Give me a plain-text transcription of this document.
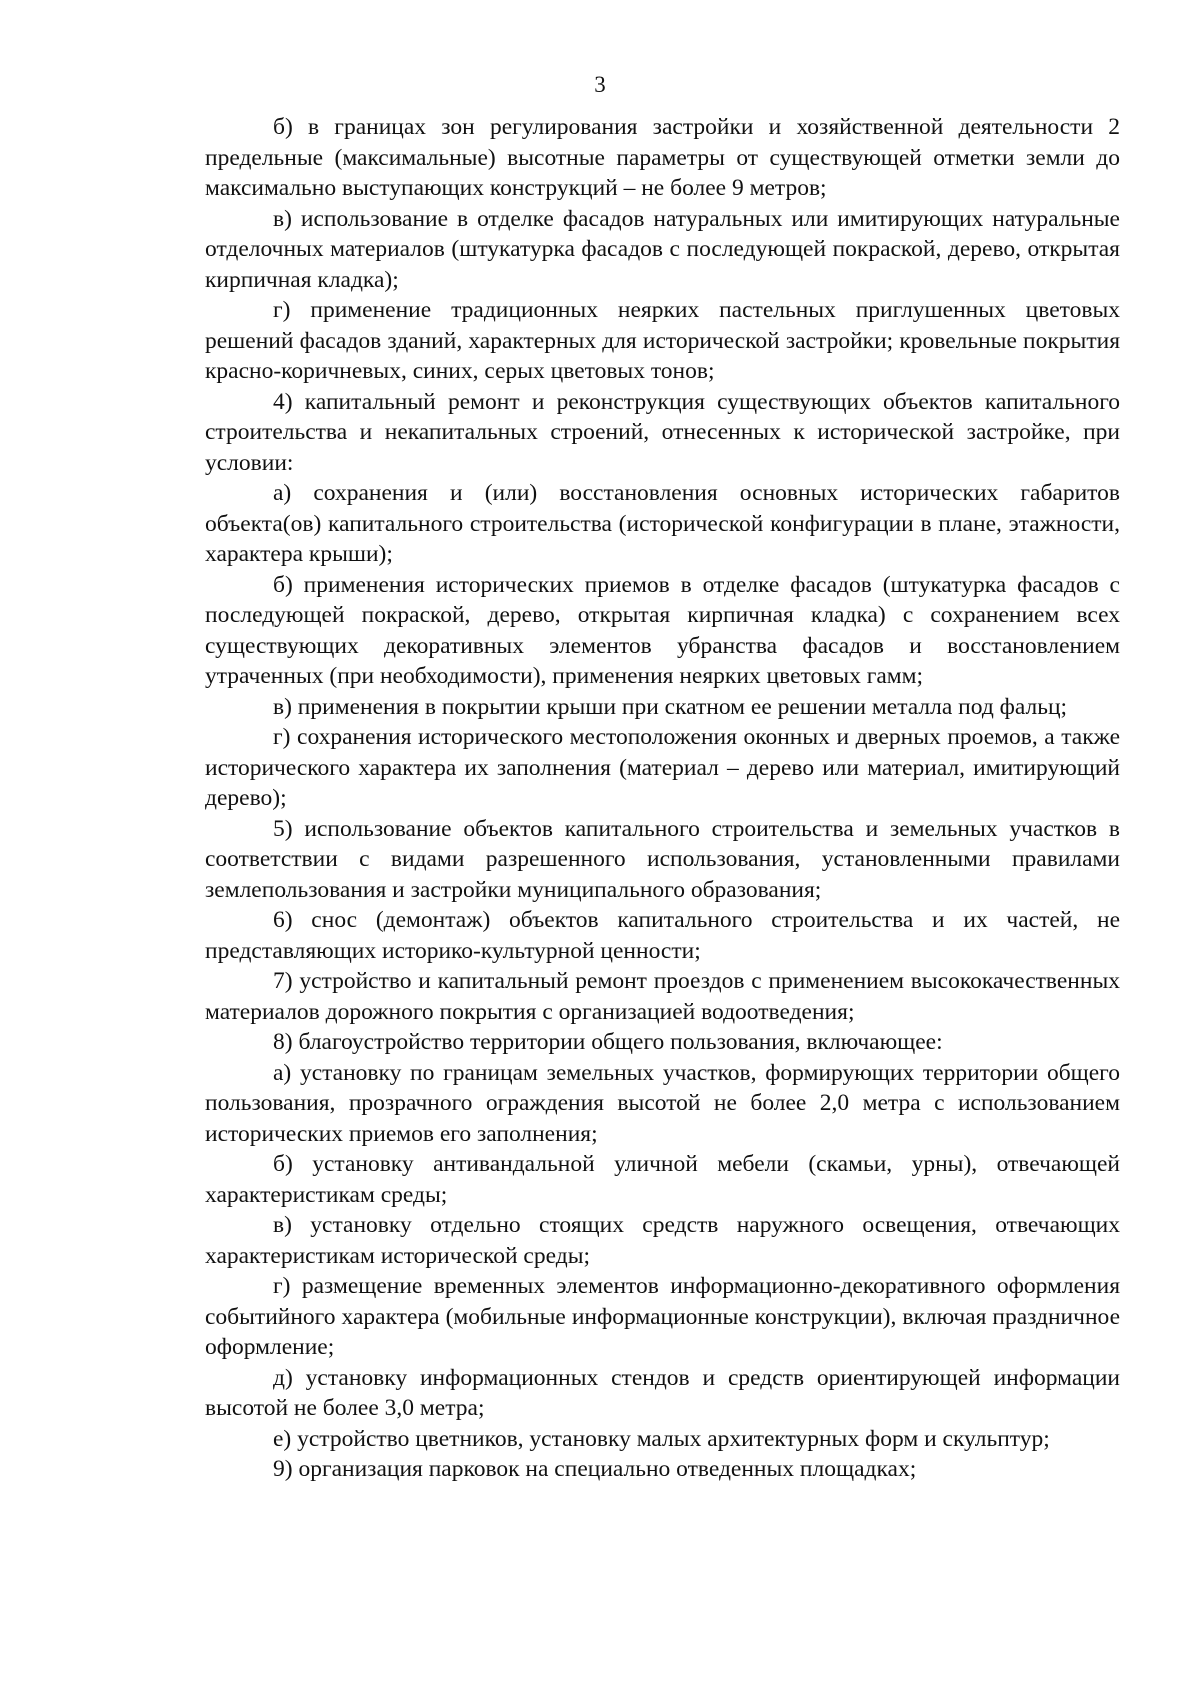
3

б) в границах зон регулирования застройки и хозяйственной деятельности 2 предельные (максимальные) высотные параметры от существующей отметки земли до максимально выступающих конструкций – не более 9 метров;

в) использование в отделке фасадов натуральных или имитирующих натуральные отделочных материалов (штукатурка фасадов с последующей покраской, дерево, открытая кирпичная кладка);

г) применение традиционных неярких пастельных приглушенных цветовых решений фасадов зданий, характерных для исторической застройки; кровельные покрытия красно-коричневых, синих, серых цветовых тонов;

4) капитальный ремонт и реконструкция существующих объектов капитального строительства и некапитальных строений, отнесенных к исторической застройке, при условии:

а) сохранения и (или) восстановления основных исторических габаритов объекта(ов) капитального строительства (исторической конфигурации в плане, этажности, характера крыши);

б) применения исторических приемов в отделке фасадов (штукатурка фасадов с последующей покраской, дерево, открытая кирпичная кладка) с сохранением всех существующих декоративных элементов убранства фасадов и восстановлением утраченных (при необходимости), применения неярких цветовых гамм;

в) применения в покрытии крыши при скатном ее решении металла под фальц;

г) сохранения исторического местоположения оконных и дверных проемов, а также исторического характера их заполнения (материал – дерево или материал, имитирующий дерево);

5) использование объектов капитального строительства и земельных участков в соответствии с видами разрешенного использования, установленными правилами землепользования и застройки муниципального образования;

6) снос (демонтаж) объектов капитального строительства и их частей, не представляющих историко-культурной ценности;

7) устройство и капитальный ремонт проездов с применением высококачественных материалов дорожного покрытия с организацией водоотведения;

8) благоустройство территории общего пользования, включающее:

а) установку по границам земельных участков, формирующих территории общего пользования, прозрачного ограждения высотой не более 2,0 метра с использованием исторических приемов его заполнения;

б) установку антивандальной уличной мебели (скамьи, урны), отвечающей характеристикам среды;

в) установку отдельно стоящих средств наружного освещения, отвечающих характеристикам исторической среды;

г) размещение временных элементов информационно-декоративного оформления событийного характера (мобильные информационные конструкции), включая праздничное оформление;

д) установку информационных стендов и средств ориентирующей информации высотой не более 3,0 метра;

е) устройство цветников, установку малых архитектурных форм и скульптур;

9) организация парковок на специально отведенных площадках;
